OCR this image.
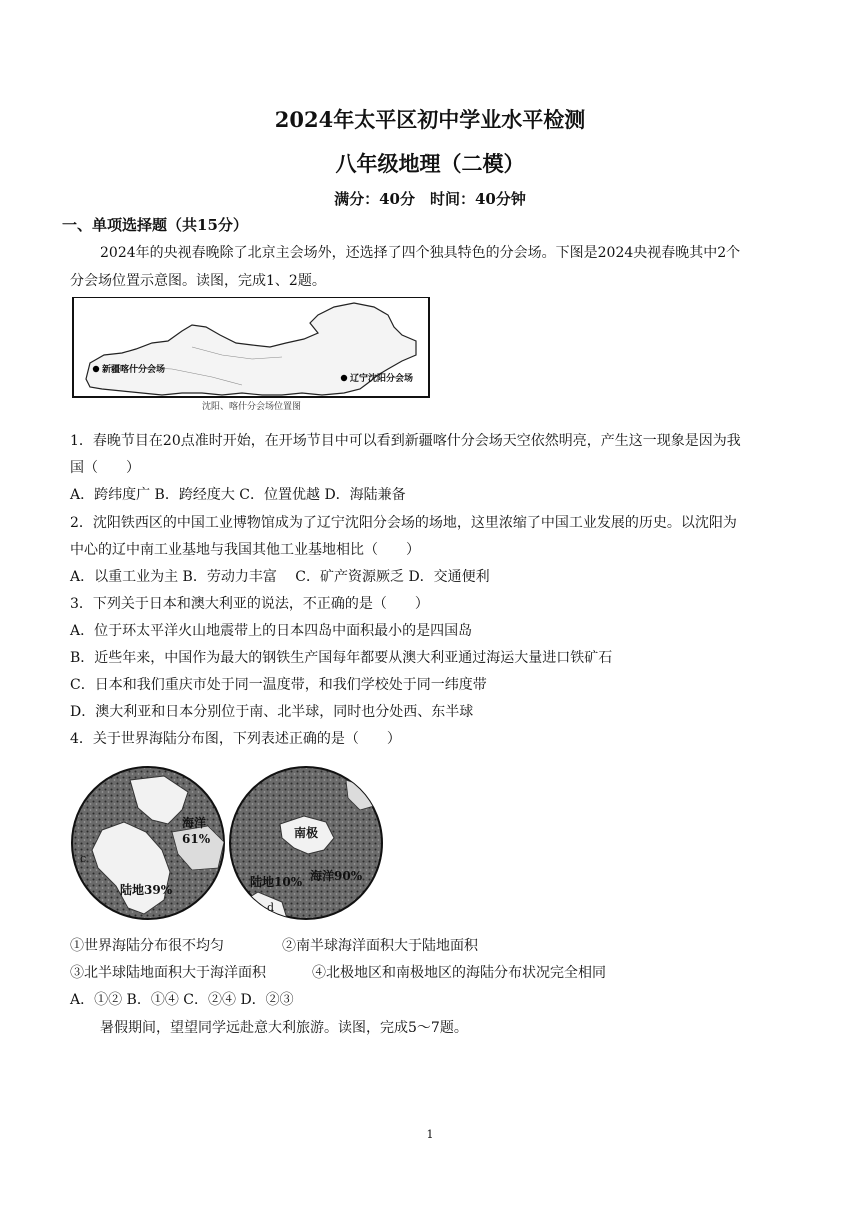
2024年太平区初中学业水平检测
八年级地理（二模）
满分：40分　时间：40分钟
一、单项选择题（共15分）
2024年的央视春晚除了北京主会场外，还选择了四个独具特色的分会场。下图是2024央视春晚其中2个
分会场位置示意图。读图，完成1、2题。
新疆喀什分会场
辽宁沈阳分会场
沈阳、喀什分会场位置图
1．春晚节目在20点准时开始，在开场节目中可以看到新疆喀什分会场天空依然明亮，产生这一现象是因为我
国（　　）
A．跨纬度广 B．跨经度大 C．位置优越 D．海陆兼备
2．沈阳铁西区的中国工业博物馆成为了辽宁沈阳分会场的场地，这里浓缩了中国工业发展的历史。以沈阳为
中心的辽中南工业基地与我国其他工业基地相比（　　）
A．以重工业为主 B．劳动力丰富　 C．矿产资源厥乏 D．交通便利
3．下列关于日本和澳大利亚的说法，不正确的是（　　）
A．位于环太平洋火山地震带上的日本四岛中面积最小的是四国岛
B．近些年来，中国作为最大的钢铁生产国每年都要从澳大利亚通过海运大量进口铁矿石
C．日本和我们重庆市处于同一温度带，和我们学校处于同一纬度带
D．澳大利亚和日本分别位于南、北半球，同时也分处西、东半球
4．关于世界海陆分布图，下列表述正确的是（　　）
海洋
61%
陆地39%
c
南极
陆地10% 海洋90%
d
①世界海陆分布很不均匀	②南半球海洋面积大于陆地面积
③北半球陆地面积大于海洋面积	④北极地区和南极地区的海陆分布状况完全相同
A．①② B．①④ C．②④ D．②③
暑假期间，望望同学远赴意大利旅游。读图，完成5～7题。
1
